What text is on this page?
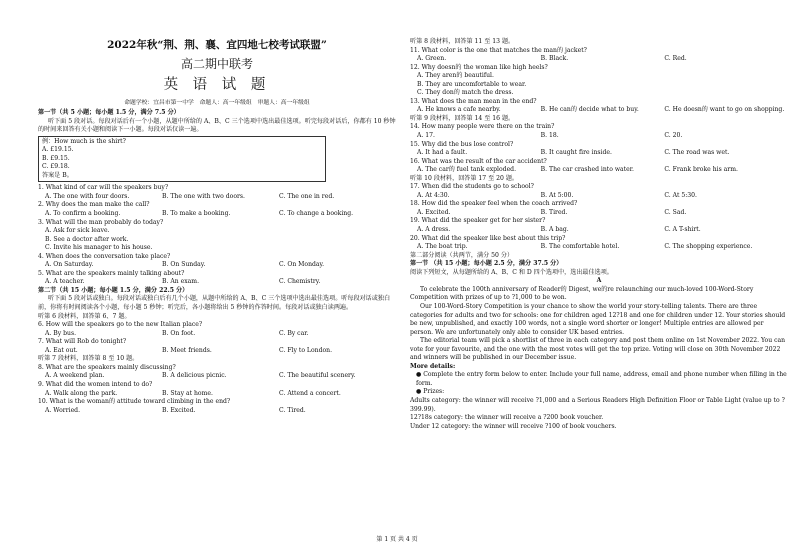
2022年秋“荆、荆、襄、宜四地七校考试联盟”
高二期中联考
英 语 试 题
命题学校：宜昌市第一中学　命题人：高一年级组　审题人：高一年级组
第一节（共 5 小题；每小题 1.5 分，满分 7.5 分）
听下面 5 段对话。每段对话后有一个小题，从题中所给的 A、B、C 三个选项中选出最佳选项。听完每段对话后，你都有 10 秒钟的时间来回答有关小题和阅读下一小题。每段对话仅读一遍。
例：How much is the shirt?
A. £19.15.
B. £9.15.
C. £9.18.
答案是 B。
1. What kind of car will the speakers buy?
A. The one with four doors.	B. The one with two doors.	C. The one in red.
2. Why does the man make the call?
A. To confirm a booking.	B. To make a booking.	C. To change a booking.
3. What will the man probably do today?
A. Ask for sick leave.
B. See a doctor after work.
C. Invite his manager to his house.
4. When does the conversation take place?
A. On Saturday.	B. On Sunday.	C. On Monday.
5. What are the speakers mainly talking about?
A. A teacher.	B. An exam.	C. Chemistry.
第二节（共 15 小题；每小题 1.5 分，满分 22.5 分）
听下面 5 段对话或独白。每段对话或独白后有几个小题，从题中所给的 A、B、C 三个选项中选出最佳选项。听每段对话或独白前，你将有时间阅读各个小题，每小题 5 秒钟；听完后，各小题将给出 5 秒钟的作答时间。每段对话或独白读两遍。
听第 6 段材料，回答第 6、7 题。
6. How will the speakers go to the new Italian place?
A. By bus.	B. On foot.	C. By car.
7. What will Rob do tonight?
A. Eat out.	B. Meet friends.	C. Fly to London.
听第 7 段材料，回答第 8 至 10 题。
8. What are the speakers mainly discussing?
A. A weekend plan.	B. A delicious picnic.	C. The beautiful scenery.
9. What did the women intend to do?
A. Walk along the park.	B. Stay at home.	C. Attend a concert.
10. What is the woman的 attitude toward climbing in the end?
A. Worried.	B. Excited.	C. Tired.
听第 8 段材料，回答第 11 至 13 题。
11. What color is the one that matches the man的 jacket?
A. Green.	B. Black.	C. Red.
12. Why doesn的 the woman like high heels?
A. They aren的 beautiful.
B. They are uncomfortable to wear.
C. They don的 match the dress.
13. What does the man mean in the end?
A. He knows a cafe nearby.	B. He can的 decide what to buy.	C. He doesn的 want to go on shopping.
听第 9 段材料，回答第 14 至 16 题。
14. How many people were there on the train?
A. 17.	B. 18.	C. 20.
15. Why did the bus lose control?
A. It had a fault.	B. It caught fire inside.	C. The road was wet.
16. What was the result of the car accident?
A. The car的 fuel tank exploded.	B. The car crashed into water.	C. Frank broke his arm.
听第 10 段材料，回答第 17 至 20 题。
17. When did the students go to school?
A. At 4:30.	B. At 5:00.	C. At 5:30.
18. How did the speaker feel when the coach arrived?
A. Excited.	B. Tired.	C. Sad.
19. What did the speaker get for her sister?
A. A dress.	B. A bag.	C. A T-shirt.
20. What did the speaker like best about this trip?
A. The boat trip.	B. The comfortable hotel.	C. The shopping experience.
第二部分阅读（共两节，满分 50 分）
第一节 （共 15 小题；每小题 2.5 分，满分 37.5 分）
阅读下列短文，从每题所给的 A、B、C 和 D 四个选项中，选出最佳选项。
A
To celebrate the 100th anniversary of Reader的 Digest, we的re relaunching our much-loved 100-Word-Story Competition with prizes of up to ?1,000 to be won.
Our 100-Word-Story Competition is your chance to show the world your story-telling talents. There are three categories for adults and two for schools: one for children aged 12?18 and one for children under 12. Your stories should be new, unpublished, and exactly 100 words, not a single word shorter or longer! Multiple entries are allowed per person. We are unfortunately only able to consider UK based entries.
The editorial team will pick a shortlist of three in each category and post them online on 1st November 2022. You can vote for your favourite, and the one with the most votes will get the top prize. Voting will close on 30th November 2022 and winners will be published in our December issue.
More details:
● Complete the entry form below to enter. Include your full name, address, email and phone number when filling in the form.
● Prizes:
Adults category: the winner will receive ?1,000 and a Serious Readers High Definition Floor or Table Light (value up to ?399.99).
12?18s category: the winner will receive a ?200 book voucher.
Under 12 category: the winner will receive ?100 of book vouchers.
第 1 页 共 4 页
